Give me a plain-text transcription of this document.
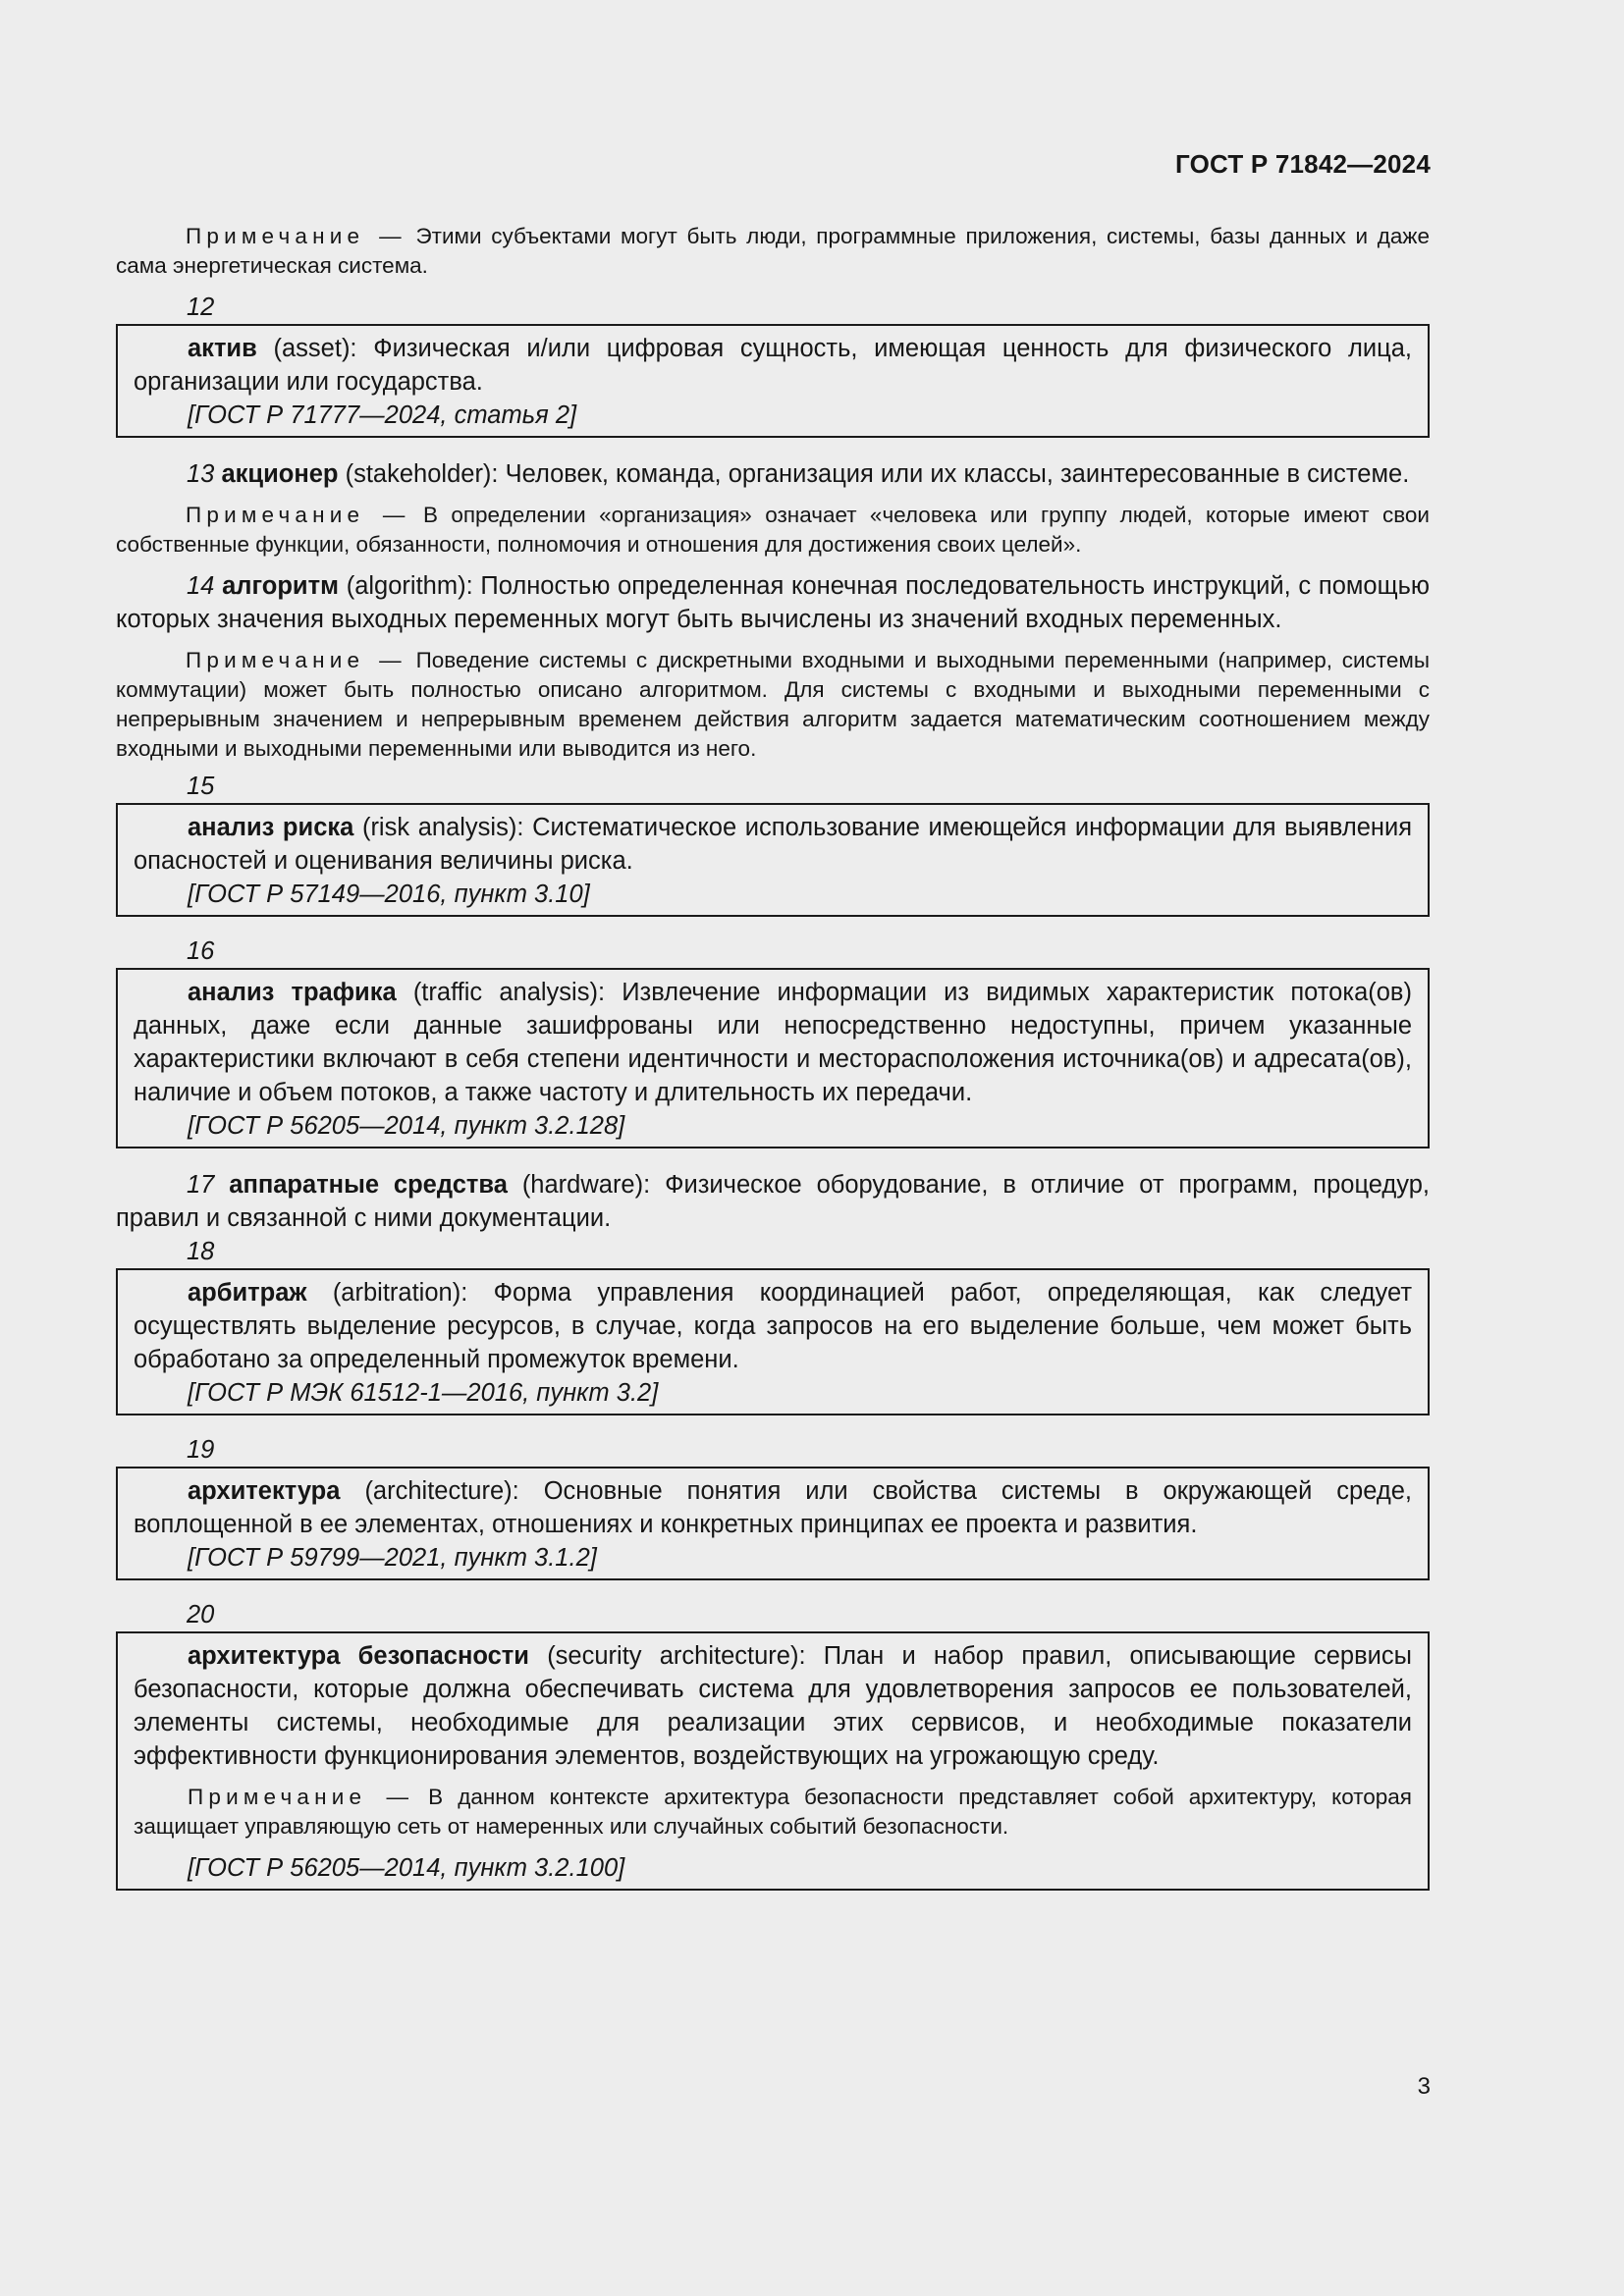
ГОСТ Р 71842—2024

Примечание — Этими субъектами могут быть люди, программные приложения, системы, базы данных и даже сама энергетическая система.

12

актив (asset): Физическая и/или цифровая сущность, имеющая ценность для физического лица, организации или государства.

[ГОСТ Р 71777—2024, статья 2]

13 акционер (stakeholder): Человек, команда, организация или их классы, заинтересованные в системе.

Примечание — В определении «организация» означает «человека или группу людей, которые имеют свои собственные функции, обязанности, полномочия и отношения для достижения своих целей».

14 алгоритм (algorithm): Полностью определенная конечная последовательность инструкций, с помощью которых значения выходных переменных могут быть вычислены из значений входных переменных.

Примечание — Поведение системы с дискретными входными и выходными переменными (например, системы коммутации) может быть полностью описано алгоритмом. Для системы с входными и выходными переменными с непрерывным значением и непрерывным временем действия алгоритм задается математическим соотношением между входными и выходными переменными или выводится из него.

15

анализ риска (risk analysis): Систематическое использование имеющейся информации для выявления опасностей и оценивания величины риска.

[ГОСТ Р 57149—2016, пункт 3.10]
16

анализ трафика (traffic analysis): Извлечение информации из видимых характеристик потока(ов) данных, даже если данные зашифрованы или непосредственно недоступны, причем указанные характеристики включают в себя степени идентичности и месторасположения источника(ов) и адресата(ов), наличие и объем потоков, а также частоту и длительность их передачи.

[ГОСТ Р 56205—2014, пункт 3.2.128]

17 аппаратные средства (hardware): Физическое оборудование, в отличие от программ, процедур, правил и связанной с ними документации.

18

арбитраж (arbitration): Форма управления координацией работ, определяющая, как следует осуществлять выделение ресурсов, в случае, когда запросов на его выделение больше, чем может быть обработано за определенный промежуток времени.

[ГОСТ Р МЭК 61512-1—2016, пункт 3.2]
19

архитектура (architecture): Основные понятия или свойства системы в окружающей среде, воплощенной в ее элементах, отношениях и конкретных принципах ее проекта и развития.

[ГОСТ Р 59799—2021, пункт 3.1.2]
20

архитектура безопасности (security architecture): План и набор правил, описывающие сервисы безопасности, которые должна обеспечивать система для удовлетворения запросов ее пользователей, элементы системы, необходимые для реализации этих сервисов, и необходимые показатели эффективности функционирования элементов, воздействующих на угрожающую среду.

Примечание — В данном контексте архитектура безопасности представляет собой архитектуру, которая защищает управляющую сеть от намеренных или случайных событий безопасности.

[ГОСТ Р 56205—2014, пункт 3.2.100]
3
